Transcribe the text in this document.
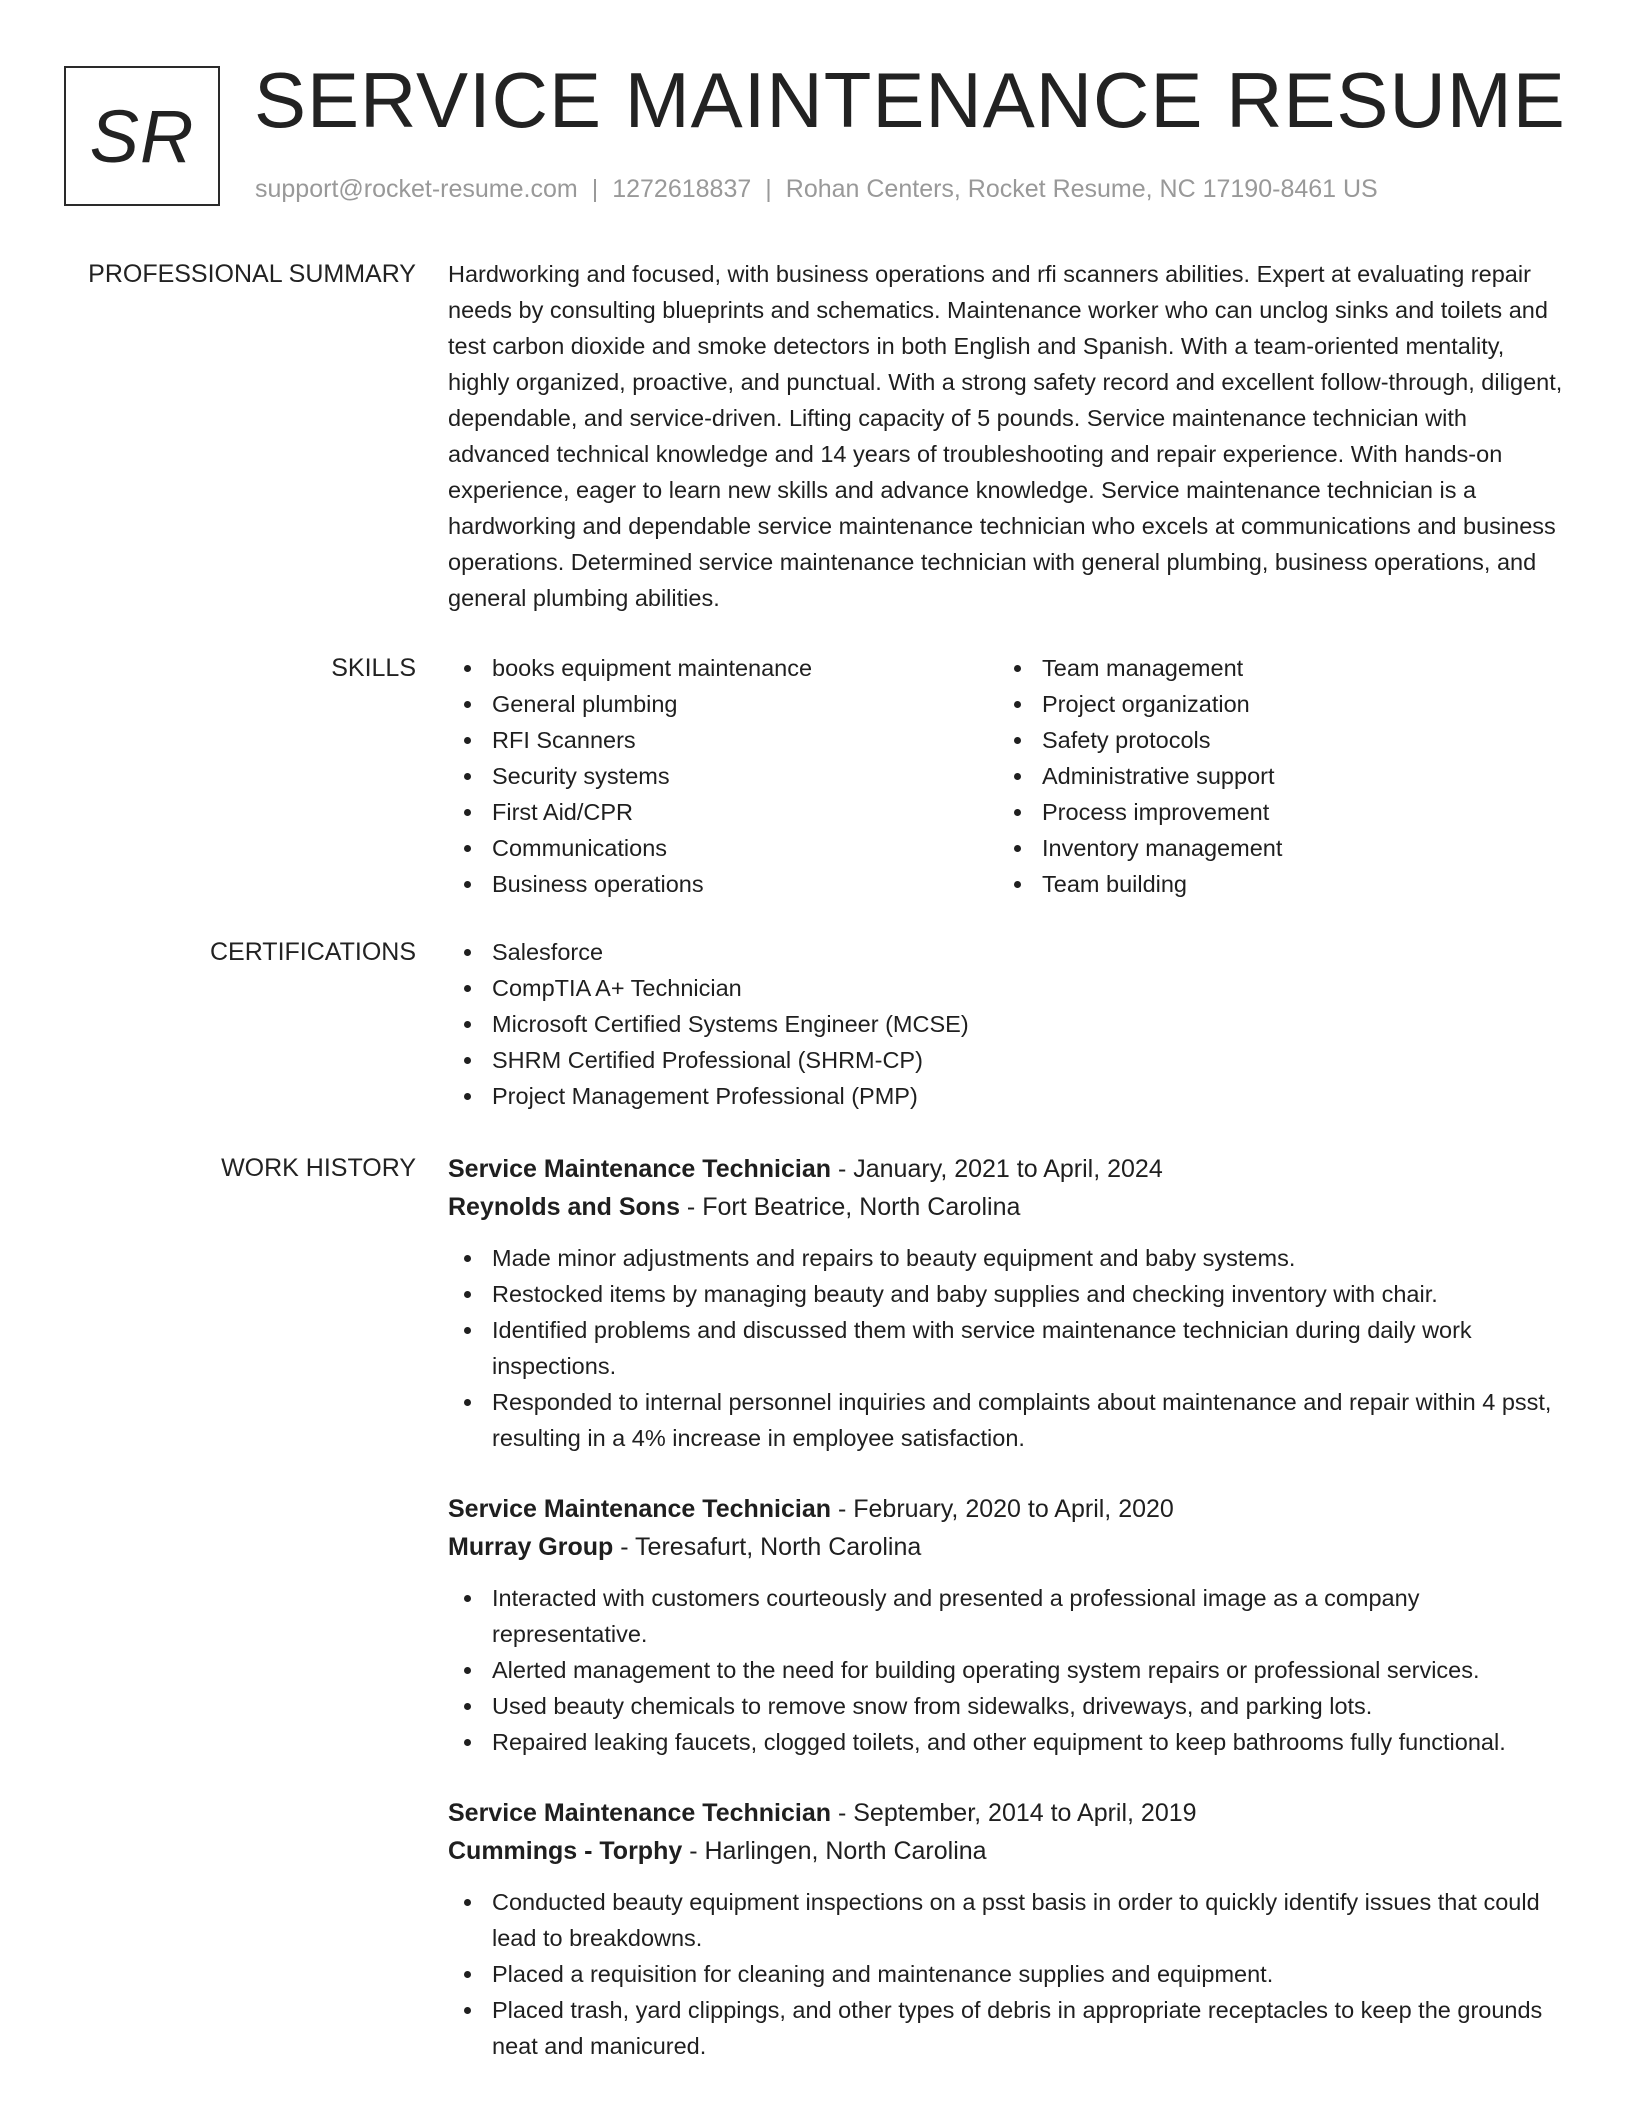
SR SERVICE MAINTENANCE RESUME
support@rocket-resume.com | 1272618837 | Rohan Centers, Rocket Resume, NC 17190-8461 US
PROFESSIONAL SUMMARY Hardworking and focused, with business operations and rfi scanners abilities. Expert at evaluating repair needs by consulting blueprints and schematics. Maintenance worker who can unclog sinks and toilets and test carbon dioxide and smoke detectors in both English and Spanish. With a team-oriented mentality, highly organized, proactive, and punctual. With a strong safety record and excellent follow-through, diligent, dependable, and service-driven. Lifting capacity of 5 pounds. Service maintenance technician with advanced technical knowledge and 14 years of troubleshooting and repair experience. With hands-on experience, eager to learn new skills and advance knowledge. Service maintenance technician is a hardworking and dependable service maintenance technician who excels at communications and business operations. Determined service maintenance technician with general plumbing, business operations, and general plumbing abilities.

SKILLS	books equipment maintenance
General plumbing
RFI Scanners
Security systems
First Aid/CPR
Communications
Business operations
Team management
Project organization
Safety protocols
Administrative support
Process improvement
Inventory management
Team building
CERTIFICATIONS	Salesforce
CompTIA A+ Technician
Microsoft Certified Systems Engineer (MCSE)
SHRM Certified Professional (SHRM-CP)
Project Management Professional (PMP)
WORK HISTORY Service Maintenance Technician - January, 2021 to April, 2024
Reynolds and Sons - Fort Beatrice, North Carolina
Made minor adjustments and repairs to beauty equipment and baby systems.
Restocked items by managing beauty and baby supplies and checking inventory with chair.
Identified problems and discussed them with service maintenance technician during daily work inspections.
Responded to internal personnel inquiries and complaints about maintenance and repair within 4 psst, resulting in a 4% increase in employee satisfaction.
Service Maintenance Technician - February, 2020 to April, 2020
Murray Group - Teresafurt, North Carolina
Interacted with customers courteously and presented a professional image as a company representative.
Alerted management to the need for building operating system repairs or professional services.
Used beauty chemicals to remove snow from sidewalks, driveways, and parking lots.
Repaired leaking faucets, clogged toilets, and other equipment to keep bathrooms fully functional.
Service Maintenance Technician - September, 2014 to April, 2019
Cummings - Torphy - Harlingen, North Carolina
Conducted beauty equipment inspections on a psst basis in order to quickly identify issues that could lead to breakdowns.
Placed a requisition for cleaning and maintenance supplies and equipment.
Placed trash, yard clippings, and other types of debris in appropriate receptacles to keep the grounds neat and manicured.
